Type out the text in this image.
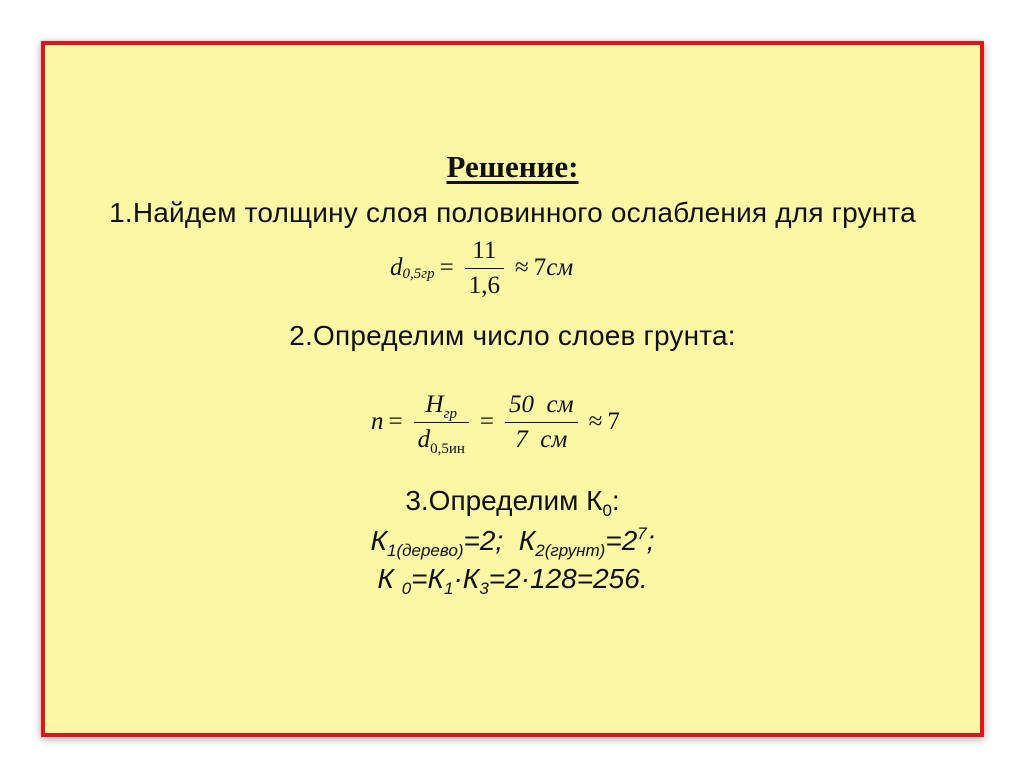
Решение:
1.Найдем толщину слоя половинного ослабления для грунта
d $0,5гр = \frac{11}{1,6} \approx 7$ см
2.Определим число слоев грунта:
$n = \frac{H_{гр}}{d_{0,5ин}} = \frac{50 см}{7 см} \approx 7$
3.Определим $К_0$:
$К_{1(дерево)}=2$;  $К_{2(грунт)}=2^7$;
К $_0=К_1\cdot К_3=2\cdot 128=256$.
